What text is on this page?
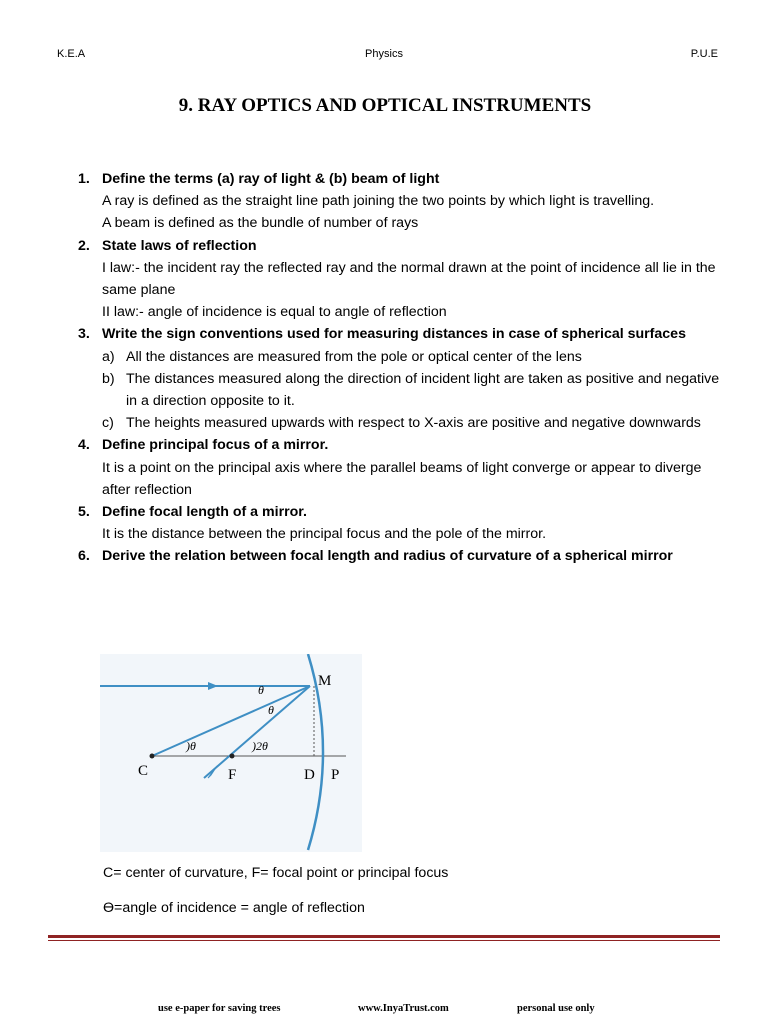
K.E.A	Physics	P.U.E
9. RAY OPTICS AND OPTICAL INSTRUMENTS
1. Define the terms (a) ray of light & (b) beam of light
A ray is defined as the straight line path joining the two points by which light is travelling.
A beam is defined as the bundle of number of rays
2. State laws of reflection
I law:- the incident ray the reflected ray and the normal drawn at the point of incidence all lie in the same plane
II law:- angle of incidence is equal to angle of reflection
3. Write the sign conventions used for measuring distances in case of spherical surfaces
a) All the distances are measured from the pole or optical center of the lens
b) The distances measured along the direction of incident light are taken as positive and negative in a direction opposite to it.
c) The heights measured upwards with respect to X-axis are positive and negative downwards
4. Define principal focus of a mirror.
It is a point on the principal axis where the parallel beams of light converge or appear to diverge after reflection
5. Define focal length of a mirror.
It is the distance between the principal focus and the pole of the mirror.
6. Derive the relation between focal length and radius of curvature of a spherical mirror
M
C	F	D P
)θ	)2θ
θ
θ
C= center of curvature, F= focal point or principal focus
ϴ=angle of incidence = angle of reflection
use e-paper for saving trees	www.InyaTrust.com	personal use only
